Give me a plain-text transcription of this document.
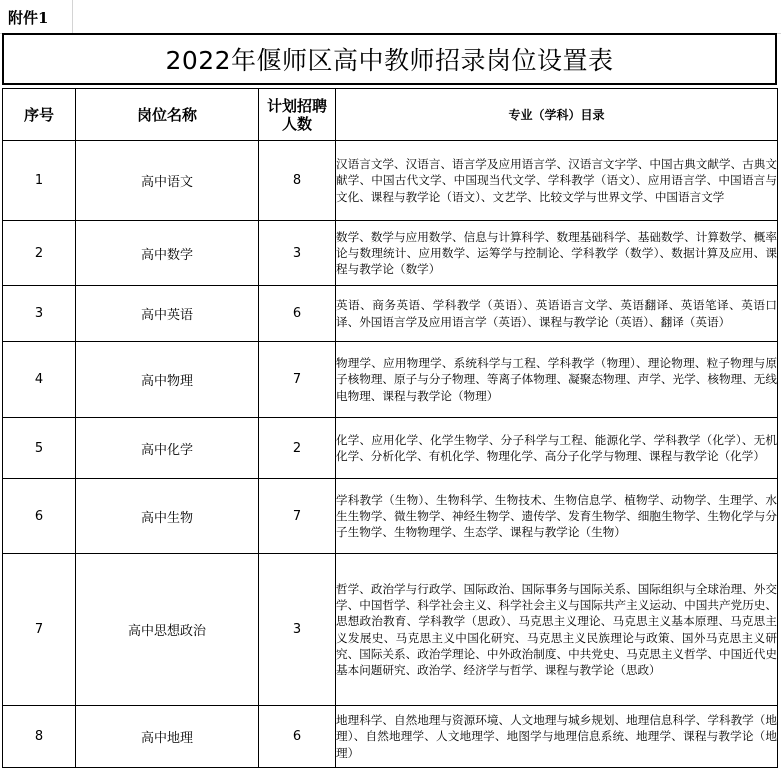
附件1
2022年偃师区高中教师招录岗位设置表
序号	岗位名称	计划招聘
人数	专业（学科）目录
1	高中语文	8	汉语言文学、汉语言、语言学及应用语言学、汉语言文字学、中国古典文献学、古典文献学、中国古代文学、中国现当代文学、学科教学（语文）、应用语言学、中国语言与文化、课程与教学论（语文）、文艺学、比较文学与世界文学、中国语言文学
2	高中数学	3	数学、数学与应用数学、信息与计算科学、数理基础科学、基础数学、计算数学、概率论与数理统计、应用数学、运筹学与控制论、学科教学（数学）、数据计算及应用、课程与教学论（数学）
3	高中英语	6	英语、商务英语、学科教学（英语）、英语语言文学、英语翻译、英语笔译、英语口译、外国语言学及应用语言学（英语）、课程与教学论（英语）、翻译（英语）
4	高中物理	7	物理学、应用物理学、系统科学与工程、学科教学（物理）、理论物理、粒子物理与原子核物理、原子与分子物理、等离子体物理、凝聚态物理、声学、光学、核物理、无线电物理、课程与教学论（物理）
5	高中化学	2	化学、应用化学、化学生物学、分子科学与工程、能源化学、学科教学（化学）、无机化学、分析化学、有机化学、物理化学、高分子化学与物理、课程与教学论（化学）
6	高中生物	7	学科教学（生物）、生物科学、生物技术、生物信息学、植物学、动物学、生理学、水生生物学、微生物学、神经生物学、遗传学、发育生物学、细胞生物学、生物化学与分子生物学、生物物理学、生态学、课程与教学论（生物）
7	高中思想政治	3	哲学、政治学与行政学、国际政治、国际事务与国际关系、国际组织与全球治理、外交学、中国哲学、科学社会主义、科学社会主义与国际共产主义运动、中国共产党历史、思想政治教育、学科教学（思政）、马克思主义理论、马克思主义基本原理、马克思主义发展史、马克思主义中国化研究、马克思主义民族理论与政策、国外马克思主义研究、国际关系、政治学理论、中外政治制度、中共党史、马克思主义哲学、中国近代史基本问题研究、政治学、经济学与哲学、课程与教学论（思政）
8	高中地理	6	地理科学、自然地理与资源环境、人文地理与城乡规划、地理信息科学、学科教学（地理）、自然地理学、人文地理学、地图学与地理信息系统、地理学、课程与教学论（地理）
